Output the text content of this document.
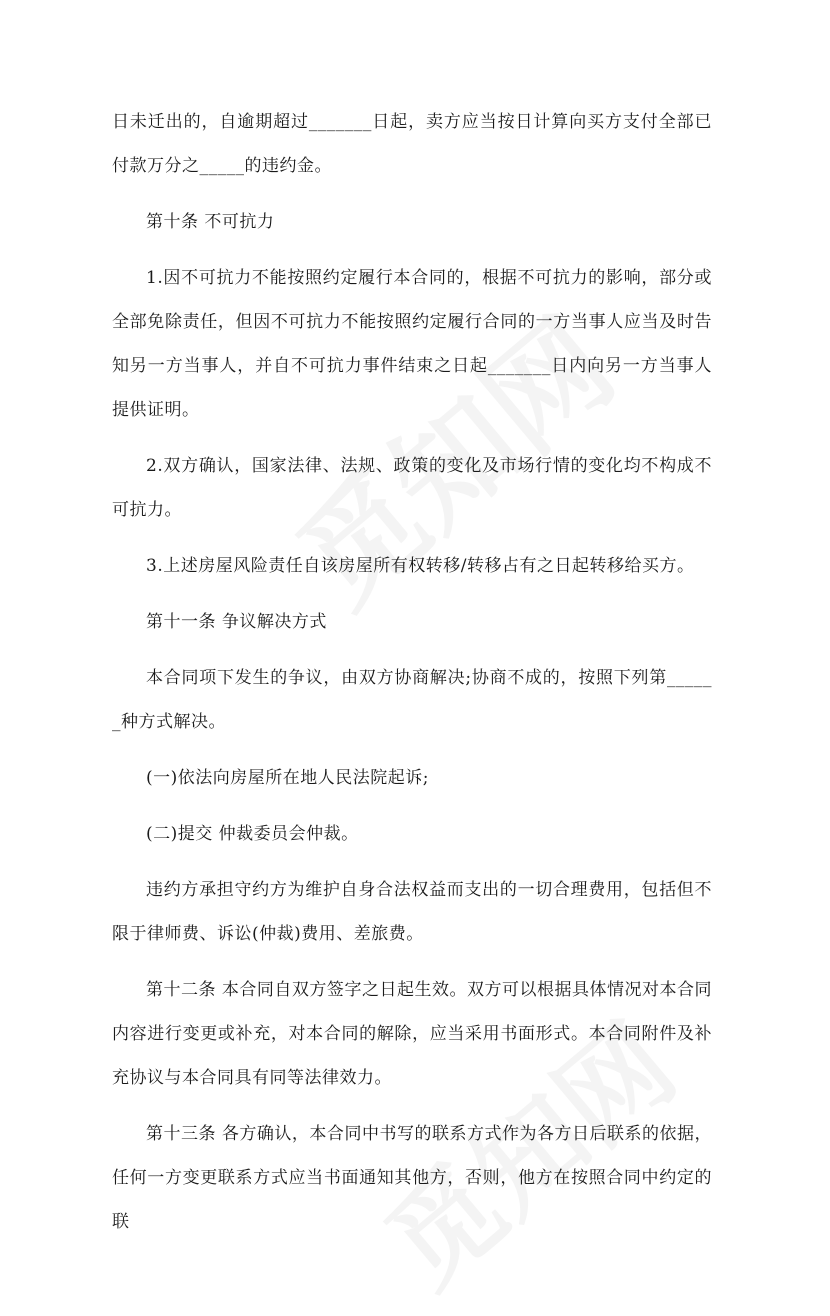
日未迁出的，自逾期超过_______日起，卖方应当按日计算向买方支付全部已付款万分之_____的违约金。

第十条 不可抗力

1.因不可抗力不能按照约定履行本合同的，根据不可抗力的影响，部分或全部免除责任，但因不可抗力不能按照约定履行合同的一方当事人应当及时告知另一方当事人，并自不可抗力事件结束之日起_______日内向另一方当事人提供证明。

2.双方确认，国家法律、法规、政策的变化及市场行情的变化均不构成不可抗力。

3.上述房屋风险责任自该房屋所有权转移/转移占有之日起转移给买方。

第十一条 争议解决方式

本合同项下发生的争议，由双方协商解决;协商不成的，按照下列第______种方式解决。

(一)依法向房屋所在地人民法院起诉;

(二)提交 仲裁委员会仲裁。

违约方承担守约方为维护自身合法权益而支出的一切合理费用，包括但不限于律师费、诉讼(仲裁)费用、差旅费。

第十二条 本合同自双方签字之日起生效。双方可以根据具体情况对本合同内容进行变更或补充，对本合同的解除，应当采用书面形式。本合同附件及补充协议与本合同具有同等法律效力。

第十三条 各方确认，本合同中书写的联系方式作为各方日后联系的依据，任何一方变更联系方式应当书面通知其他方，否则，他方在按照合同中约定的联
